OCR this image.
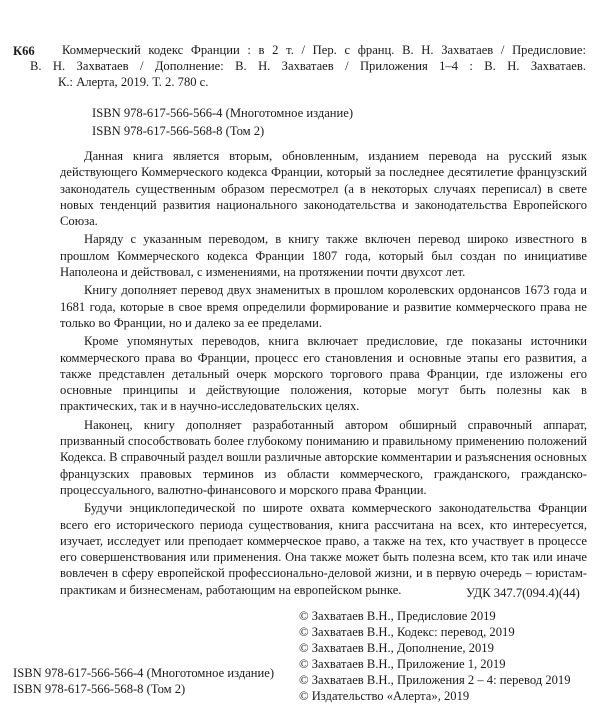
К66 Коммерческий кодекс Франции : в 2 т. / Пер. с франц. В. Н. Захватаев / Предисловие:
В. Н. Захватаев / Дополнение: В. Н. Захватаев / Приложения 1–4 : В. Н. Захватаев.
К.: Алерта, 2019. Т. 2. 780 с.
ISBN 978-617-566-566-4 (Многотомное издание)
ISBN 978-617-566-568-8 (Том 2)

Данная книга является вторым, обновленным, изданием перевода на русский язык действующего Коммерческого кодекса Франции, который за последнее десятилетие французский законодатель существенным образом пересмотрел (а в некоторых случаях переписал) в свете новых тенденций развития национального законодательства и законодательства Европейского Союза.

Наряду с указанным переводом, в книгу также включен перевод широко известного в прошлом Коммерческого кодекса Франции 1807 года, который был создан по инициативе Наполеона и действовал, с изменениями, на протяжении почти двухсот лет.

Книгу дополняет перевод двух знаменитых в прошлом королевских ордонансов 1673 года и 1681 года, которые в свое время определили формирование и развитие коммерческого права не только во Франции, но и далеко за ее пределами.

Кроме упомянутых переводов, книга включает предисловие, где показаны источники коммерческого права во Франции, процесс его становления и основные этапы его развития, а также представлен детальный очерк морского торгового права Франции, где изложены его основные принципы и действующие положения, которые могут быть полезны как в практических, так и в научно-исследовательских целях.

Наконец, книгу дополняет разработанный автором обширный справочный аппарат, призванный способствовать более глубокому пониманию и правильному применению положений Кодекса. В справочный раздел вошли различные авторские комментарии и разъяснения основных французских правовых терминов из области коммерческого, гражданского, гражданско-процессуального, валютно-финансового и морского права Франции.

Будучи энциклопедической по широте охвата коммерческого законодательства Франции всего его исторического периода существования, книга рассчитана на всех, кто интересуется, изучает, исследует или преподает коммерческое право, а также на тех, кто участвует в процессе его совершенствования или применения. Она также может быть полезна всем, кто так или иначе вовлечен в сферу европейской профессионально-деловой жизни, и в первую очередь – юристам-практикам и бизнесменам, работающим на европейском рынке.	УДК 347.7(094.4)(44)
© Захватаев В.Н., Предисловие 2019
© Захватаев В.Н., Кодекс: перевод, 2019
© Захватаев В.Н., Дополнение, 2019
© Захватаев В.Н., Приложение 1, 2019
© Захватаев В.Н., Приложения 2 – 4: перевод 2019
© Издательство «Алерта», 2019
ISBN 978-617-566-566-4 (Многотомное издание)
ISBN 978-617-566-568-8 (Том 2)
